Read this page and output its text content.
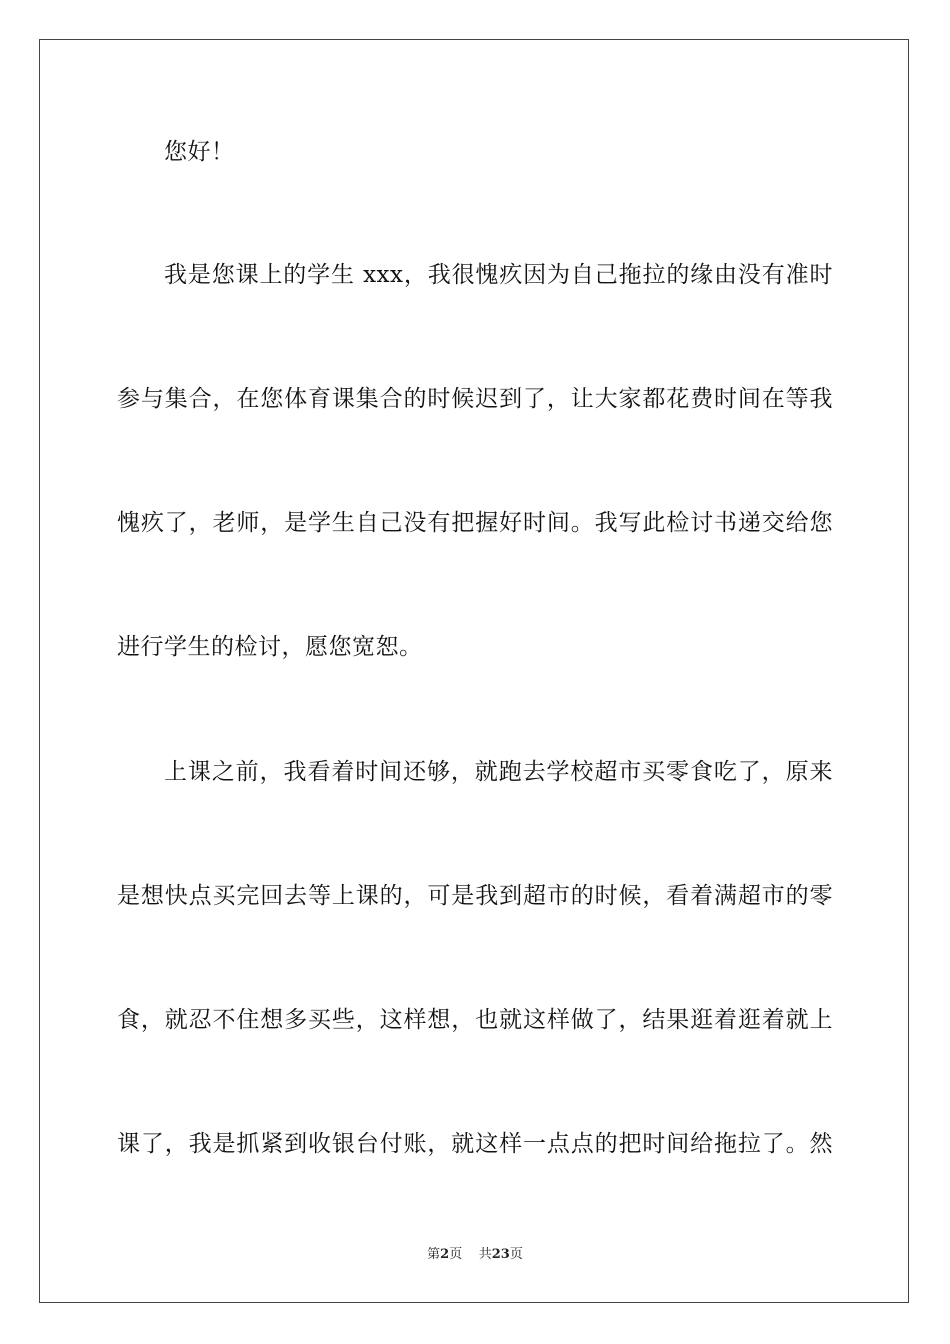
您好！
我是您课上的学生 xxx，我很愧疚因为自己拖拉的缘由没有准时
参与集合，在您体育课集合的时候迟到了，让大家都花费时间在等我
愧疚了，老师，是学生自己没有把握好时间。我写此检讨书递交给您
进行学生的检讨，愿您宽恕。
上课之前，我看着时间还够，就跑去学校超市买零食吃了，原来
是想快点买完回去等上课的，可是我到超市的时候，看着满超市的零
食，就忍不住想多买些，这样想，也就这样做了，结果逛着逛着就上
课了，我是抓紧到收银台付账，就这样一点点的把时间给拖拉了。然
第2页 共23页
